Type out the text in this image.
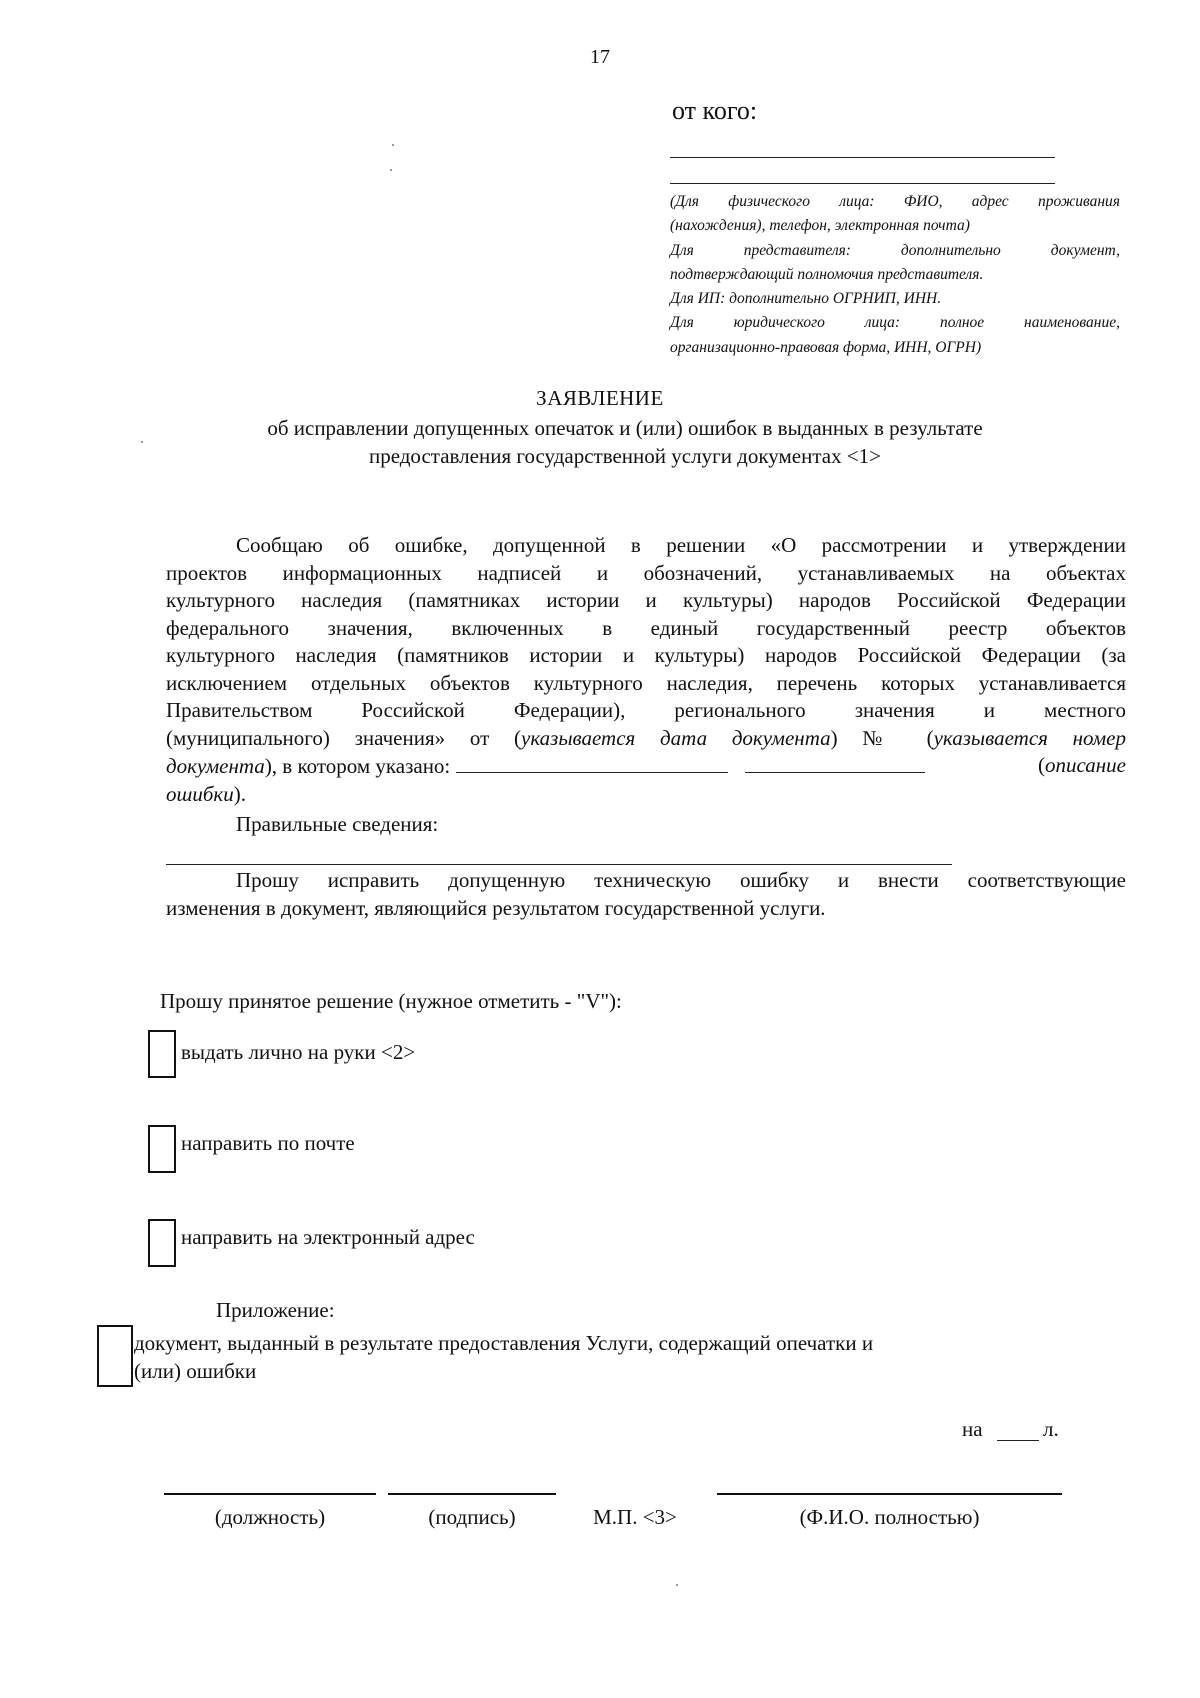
17
от кого:
(Для физического лица: ФИО, адрес проживания
(нахождения), телефон, электронная почта)
Для представителя: дополнительно документ,
подтверждающий полномочия представителя.
Для ИП: дополнительно ОГРНИП, ИНН.
Для юридического лица: полное наименование,
организационно-правовая форма, ИНН, ОГРН)
ЗАЯВЛЕНИЕ
об исправлении допущенных опечаток и (или) ошибок в выданных в результате
предоставления государственной услуги документах <1>
Сообщаю об ошибке, допущенной в решении «О рассмотрении и утверждении
проектов информационных надписей и обозначений, устанавливаемых на объектах
культурного наследия (памятниках истории и культуры) народов Российской Федерации
федерального значения, включенных в единый государственный реестр объектов
культурного наследия (памятников истории и культуры) народов Российской Федерации (за
исключением отдельных объектов культурного наследия, перечень которых устанавливается
Правительством Российской Федерации), регионального значения и местного
(муниципального) значения» от (указывается дата документа) № (указывается номер
документа), в котором указано:	(описание
ошибки).
Правильные сведения:
Прошу исправить допущенную техническую ошибку и внести соответствующие
изменения в документ, являющийся результатом государственной услуги.
Прошу принятое решение (нужное отметить - "V"):
выдать лично на руки <2>
направить по почте
направить на электронный адрес
Приложение:
документ, выданный в результате предоставления Услуги, содержащий опечатки и
(или) ошибки
на	л.
(должность)	(подпись)	М.П. <3>	(Ф.И.О. полностью)
